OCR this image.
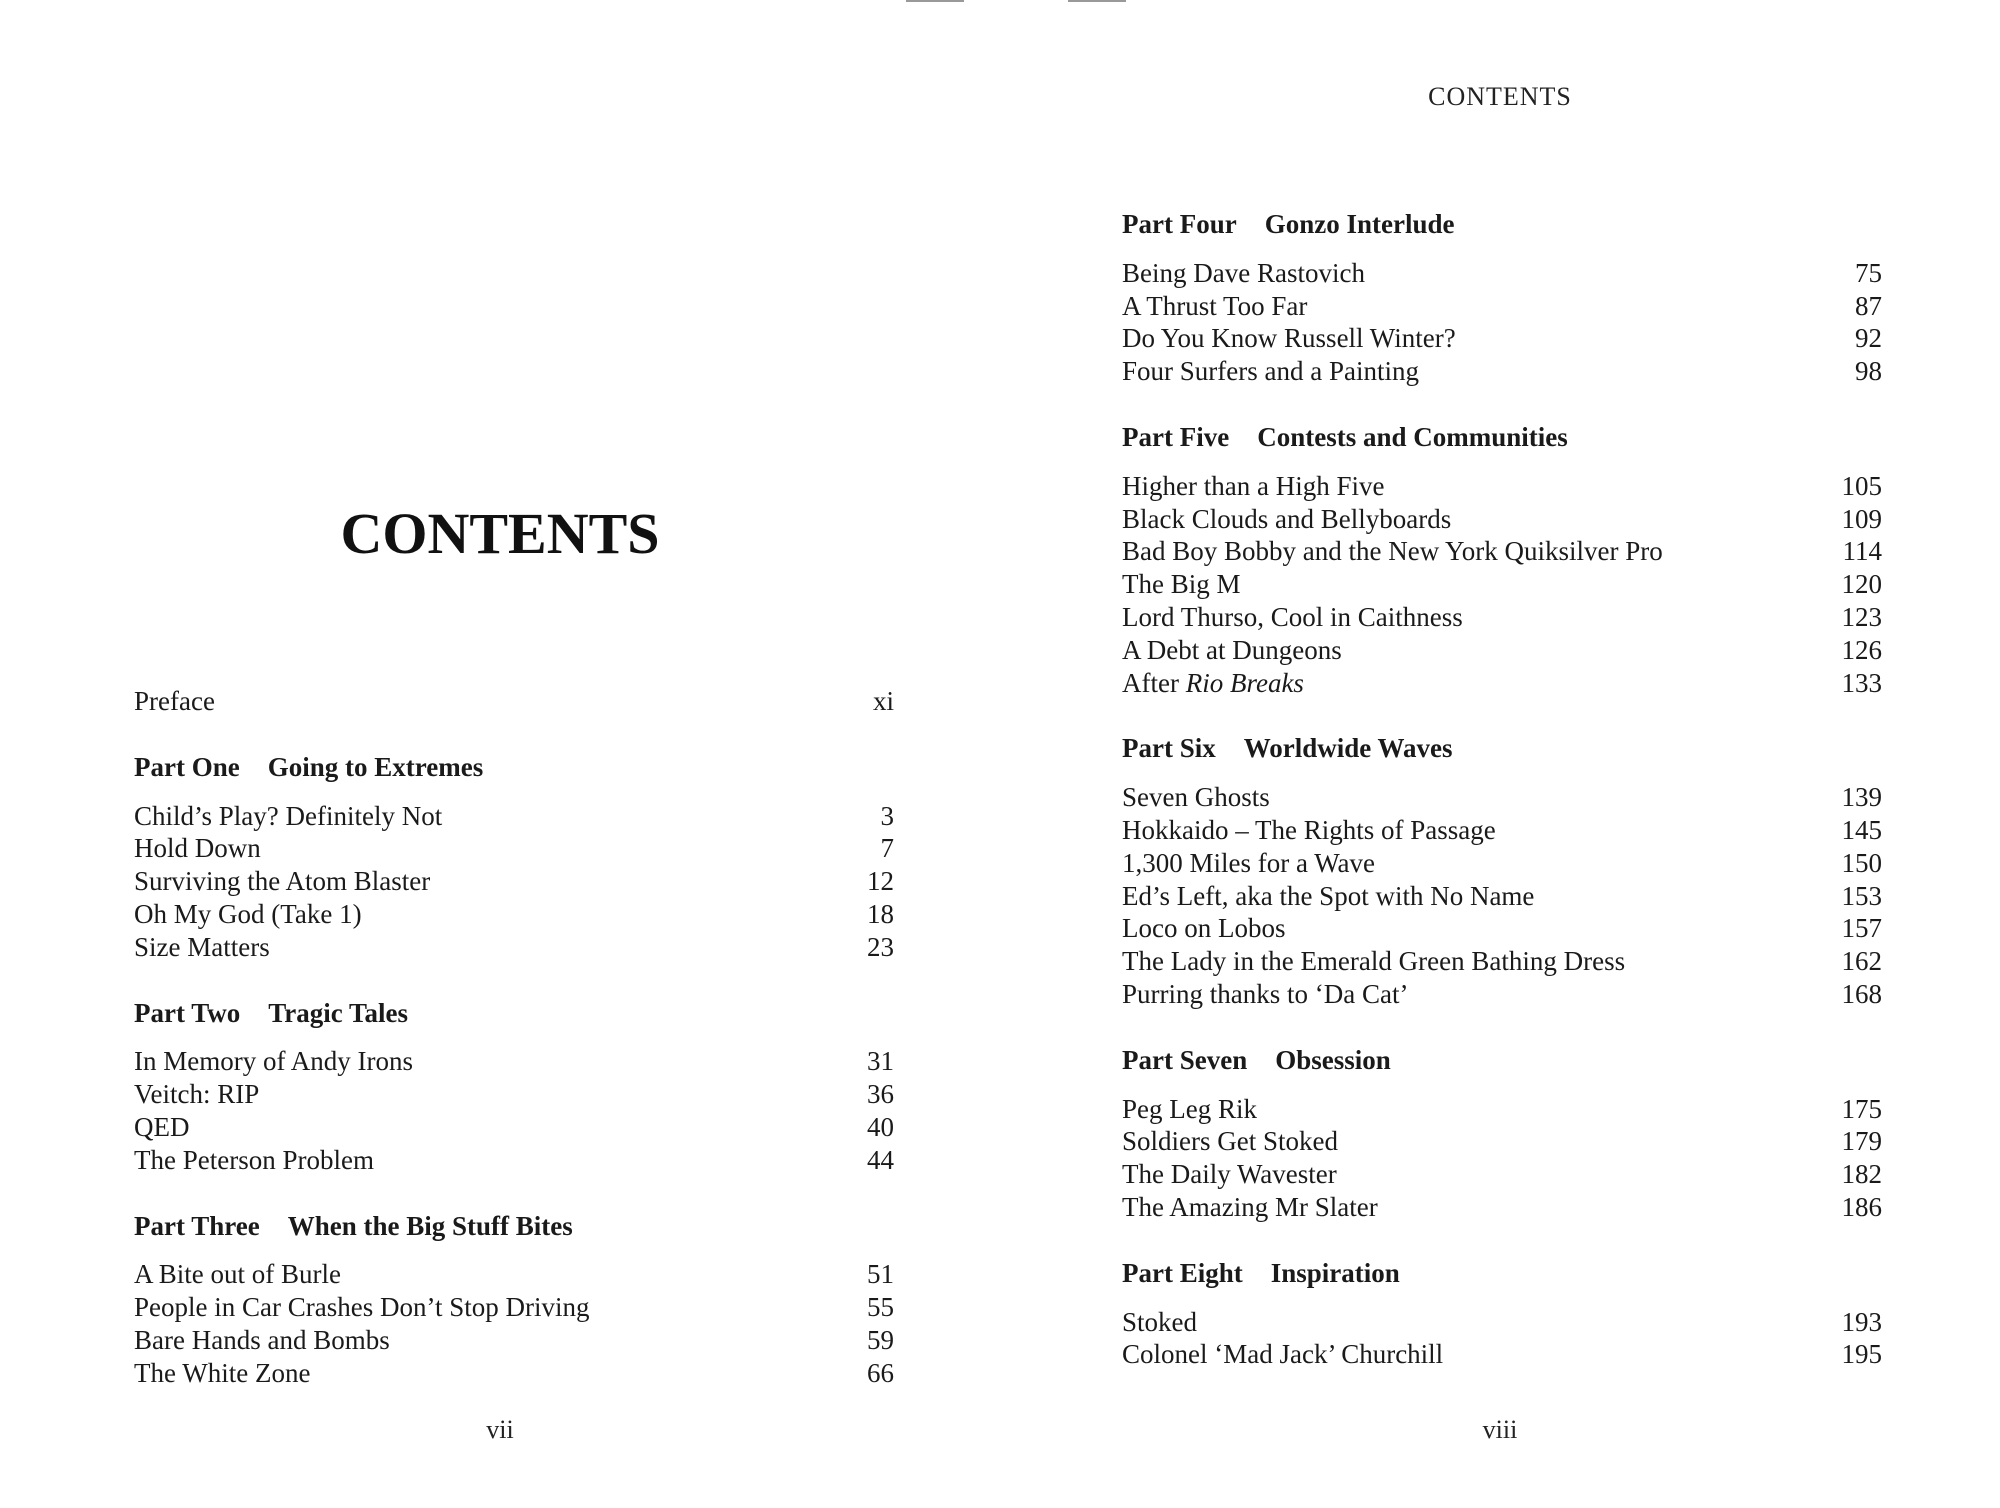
CONTENTS
Preface	xi
Part One Going to Extremes
Child’s Play? Definitely Not	3
Hold Down	7
Surviving the Atom Blaster	12
Oh My God (Take 1)	18
Size Matters	23
Part Two Tragic Tales
In Memory of Andy Irons	31
Veitch: RIP	36
QED	40
The Peterson Problem	44
Part Three When the Big Stuff Bites
A Bite out of Burle	51
People in Car Crashes Don’t Stop Driving	55
Bare Hands and Bombs	59
The White Zone	66
vii
CONTENTS
Part Four Gonzo Interlude
Being Dave Rastovich	75
A Thrust Too Far	87
Do You Know Russell Winter?	92
Four Surfers and a Painting	98
Part Five Contests and Communities
Higher than a High Five	105
Black Clouds and Bellyboards	109
Bad Boy Bobby and the New York Quiksilver Pro	114
The Big M	120
Lord Thurso, Cool in Caithness	123
A Debt at Dungeons	126
After Rio Breaks	133
Part Six Worldwide Waves
Seven Ghosts	139
Hokkaido – The Rights of Passage	145
1,300 Miles for a Wave	150
Ed’s Left, aka the Spot with No Name	153
Loco on Lobos	157
The Lady in the Emerald Green Bathing Dress	162
Purring thanks to ‘Da Cat’	168
Part Seven Obsession
Peg Leg Rik	175
Soldiers Get Stoked	179
The Daily Wavester	182
The Amazing Mr Slater	186
Part Eight Inspiration
Stoked	193
Colonel ‘Mad Jack’ Churchill	195
viii
